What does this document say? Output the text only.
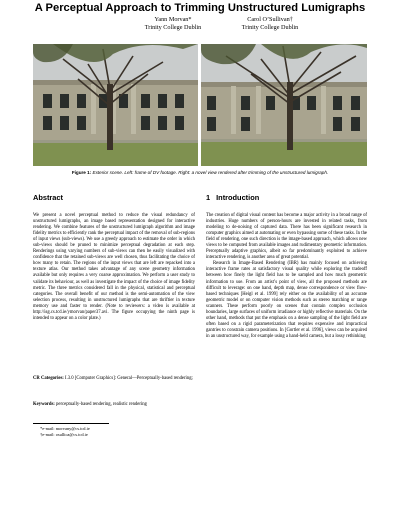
A Perceptual Approach to Trimming Unstructured Lumigraphs
Yann Morvan*
Trinity College Dublin
Carol O’Sullivan†
Trinity College Dublin
Figure 1: Exterior scene. Left: frame of DV footage. Right: a novel view rendered after trimming of the unstructured lumigraph.
Abstract

We present a novel perceptual method to reduce the visual redundancy of unstructured lumigraphs, an image based representation designed for interactive rendering. We combine features of the unstructured lumigraph algorithm and image fidelity metrics to efficiently rank the perceptual impact of the removal of sub-regions of input views (sub-views). We use a greedy approach to estimate the order in which sub-views should be pruned to minimize perceptual degradation at each step. Renderings using varying numbers of sub-views can then be easily visualized with confidence that the retained sub-views are well chosen, thus facilitating the choice of how many to retain. The regions of the input views that are left are repacked into a texture atlas. Our method takes advantage of any scene geometry information available but only requires a very coarse approximation. We perform a user study to validate its behaviour, as well as investigate the impact of the choice of image fidelity metric. The three metrics considered fall in the physical, statistical and perceptual categories. The overall benefit of our method is the semi-automation of the view selection process, resulting in unstructured lumigraphs that are thriftier in texture memory use and faster to render. (Note to reviewers: a video is available at http://isg.cs.tcd.ie/ymorvan/paper37.avi. The figure occupying the ninth page is intended to appear on a color plate.)

CR Categories: I.3.0 [Computer Graphics]: General—Perceptually-based rendering;
Keywords: perceptually-based rendering, realistic rendering
*e-mail: morvany@cs.tcd.ie
†e-mail: osullica@cs.tcd.ie
1 Introduction

The creation of digital visual content has become a major activity in a broad range of industries. Huge numbers of person-hours are invested in related tasks, from modeling to de-noising of captured data. There has been significant research in computer graphics aimed at automating or even bypassing some of these tasks. In the field of rendering, one such direction is the image-based approach, which allows new views to be computed from available images and rudimentary geometric information. Perceptually adaptive graphics, albeit so far predominantly exploited to achieve interactive rendering, is another area of great potential.

Research in Image-Based Rendering (IBR) has mainly focused on achieving interactive frame rates at satisfactory visual quality while exploring the tradeoff between how finely the light field has to be sampled and how much geometric information to use. From an artist’s point of view, all the proposed methods are difficult to leverage: on one hand, depth map, dense correspondence or view flow-based techniques [Heigl et al. 1999] rely either on the availability of an accurate geometric model or on computer vision methods such as stereo matching or range scanners. These perform poorly on scenes that contain complex occlusion boundaries, large surfaces of uniform irradiance or highly reflective materials. On the other hand, methods that put the emphasis on a dense sampling of the light field are often based on a rigid parameterization that requires expensive and impractical gantries to constrain camera positions. In [Gortler et al. 1996], views can be acquired in an unstructured way, for example using a hand-held camera, but a lossy rethinking
